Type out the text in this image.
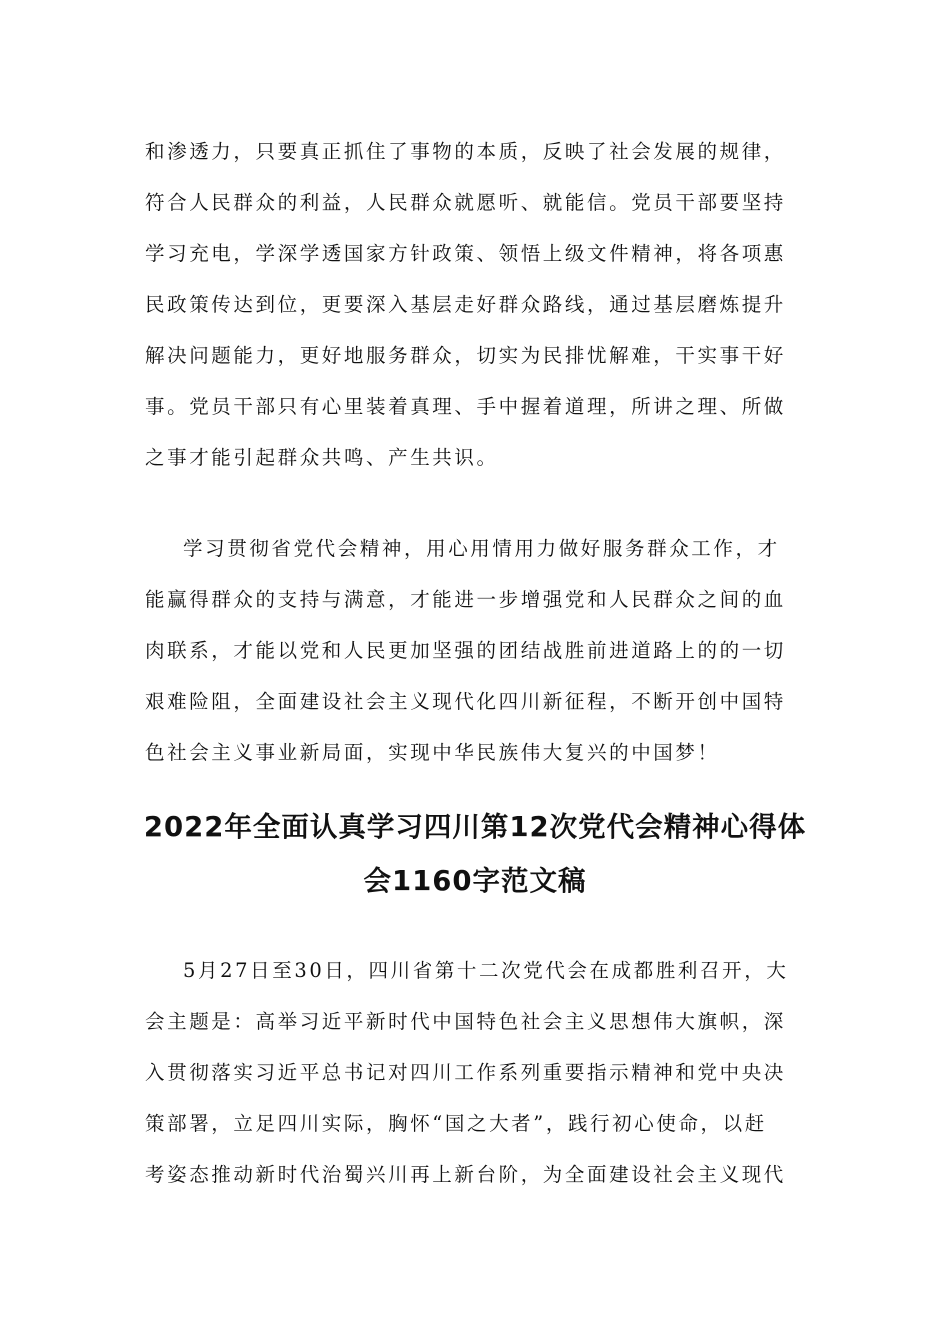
和渗透力，只要真正抓住了事物的本质，反映了社会发展的规律，
符合人民群众的利益，人民群众就愿听、就能信。党员干部要坚持
学习充电，学深学透国家方针政策、领悟上级文件精神，将各项惠
民政策传达到位，更要深入基层走好群众路线，通过基层磨炼提升
解决问题能力，更好地服务群众，切实为民排忧解难，干实事干好
事。党员干部只有心里装着真理、手中握着道理，所讲之理、所做
之事才能引起群众共鸣、产生共识。
学习贯彻省党代会精神，用心用情用力做好服务群众工作，才
能赢得群众的支持与满意，才能进一步增强党和人民群众之间的血
肉联系，才能以党和人民更加坚强的团结战胜前进道路上的的一切
艰难险阻，全面建设社会主义现代化四川新征程，不断开创中国特
色社会主义事业新局面，实现中华民族伟大复兴的中国梦！
2022年全面认真学习四川第12次党代会精神心得体
会1160字范文稿
5月27日至30日，四川省第十二次党代会在成都胜利召开，大
会主题是：高举习近平新时代中国特色社会主义思想伟大旗帜，深
入贯彻落实习近平总书记对四川工作系列重要指示精神和党中央决
策部署，立足四川实际，胸怀“国之大者”，践行初心使命，以赶
考姿态推动新时代治蜀兴川再上新台阶，为全面建设社会主义现代
